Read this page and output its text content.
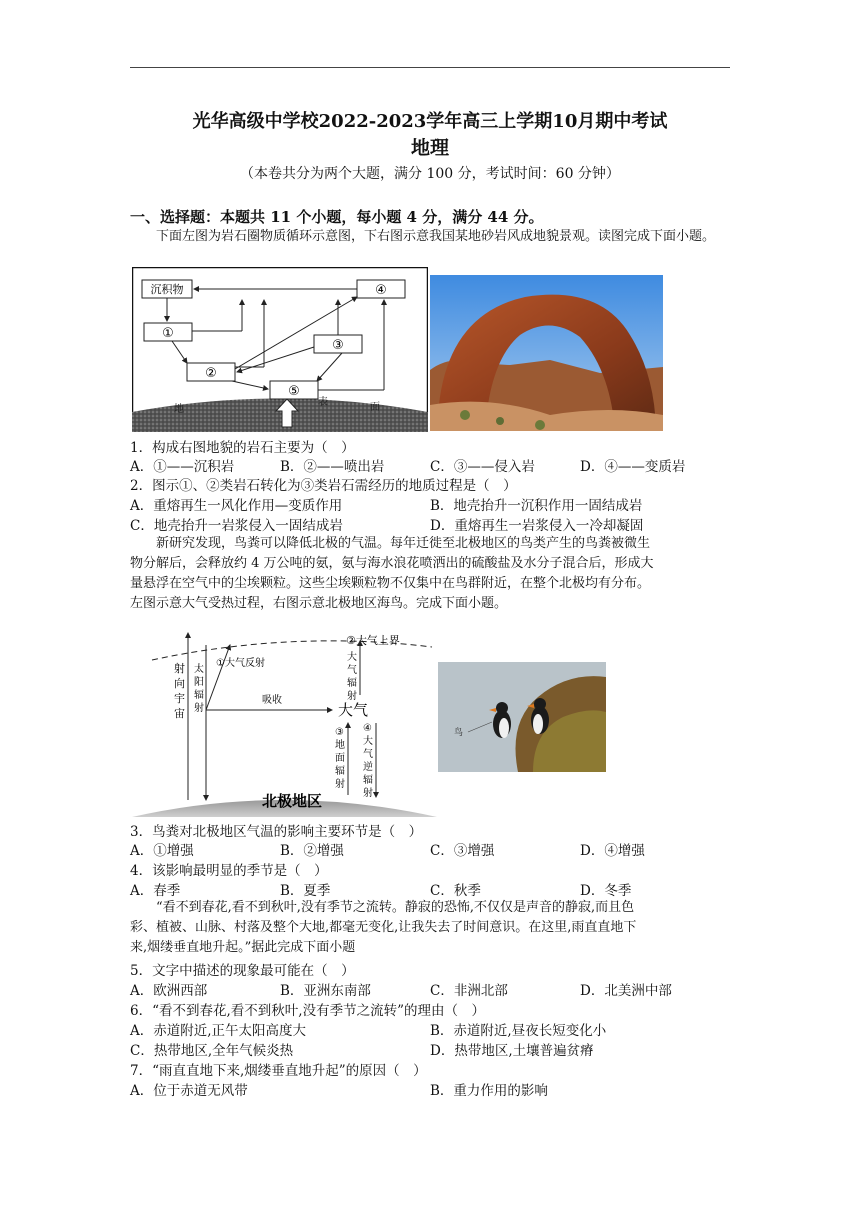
光华高级中学校2022-2023学年高三上学期10月期中考试
地理
（本卷共分为两个大题，满分 100 分，考试时间：60 分钟）
一、选择题：本题共 11 个小题，每小题 4 分，满分 44 分。
下面左图为岩石圈物质循环示意图，下右图示意我国某地砂岩风成地貌景观。读图完成下面小题。
沉积物	④
①
③
②
⑤
地
表	面
1．构成右图地貌的岩石主要为（　）
A．①——沉积岩	B．②——喷出岩	C．③——侵入岩	D．④——变质岩
2．图示①、②类岩石转化为③类岩石需经历的地质过程是（　）
A．重熔再生一风化作用—变质作用	B．地壳抬升一沉积作用一固结成岩
C．地壳抬升一岩浆侵入一固结成岩	D．重熔再生一岩浆侵入一冷却凝固
新研究发现，鸟粪可以降低北极的气温。每年迁徙至北极地区的鸟类产生的鸟粪被微生
物分解后，会释放约 4 万公吨的氨，氨与海水浪花喷洒出的硫酸盐及水分子混合后，形成大
量悬浮在空气中的尘埃颗粒。这些尘埃颗粒物不仅集中在鸟群附近，在整个北极均有分布。
左图示意大气受热过程，右图示意北极地区海鸟。完成下面小题。
北极地区
射
向
宇
宙
太
阳
辐
射
①大气反射
吸收
大气
②大气上界
大
气
辐
射
③
地
面
辐
射
④
大
气
逆
辐
射
鸟
3．鸟粪对北极地区气温的影响主要环节是（　）
A．①增强	B．②增强	C．③增强	D．④增强
4．该影响最明显的季节是（　）
A．春季	B．夏季	C．秋季	D．冬季
“看不到春花,看不到秋叶,没有季节之流转。静寂的恐怖,不仅仅是声音的静寂,而且色
彩、植被、山脉、村落及整个大地,都毫无变化,让我失去了时间意识。在这里,雨直直地下
来,烟缕垂直地升起。”据此完成下面小题
5．文字中描述的现象最可能在（　）
A．欧洲西部	B．亚洲东南部	C．非洲北部	D．北美洲中部
6．“看不到春花,看不到秋叶,没有季节之流转”的理由（　）
A．赤道附近,正午太阳高度大	B．赤道附近,昼夜长短变化小
C．热带地区,全年气候炎热	D．热带地区,土壤普遍贫瘠
7．“雨直直地下来,烟缕垂直地升起”的原因（　）
A．位于赤道无风带	B．重力作用的影响
